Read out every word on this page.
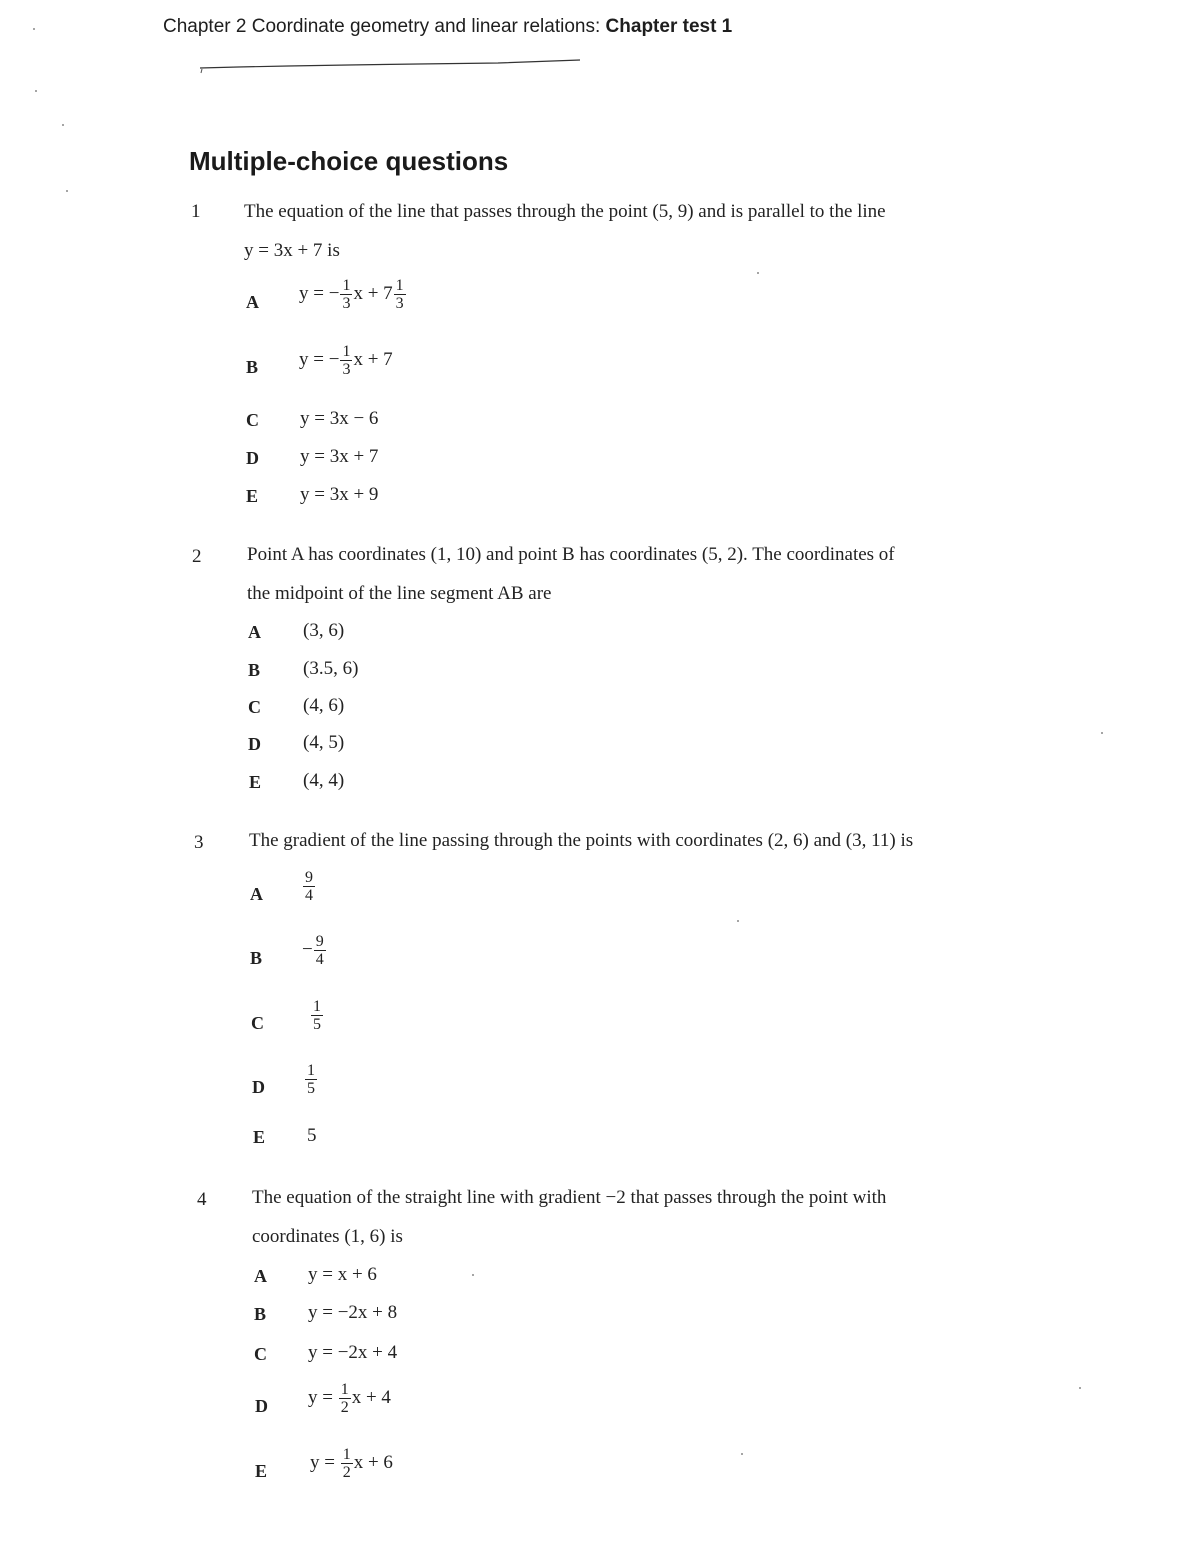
Chapter 2 Coordinate geometry and linear relations: Chapter test 1
Multiple-choice questions
1 The equation of the line that passes through the point (5, 9) and is parallel to the line
y = 3x + 7 is
A y = − $\frac{1}{3}$ $x + 7 \frac{1}{3}$
B y = − $\frac{1}{3}$ x + 7
C y = 3x − 6
D y = 3x + 7
E y = 3x + 9
2 Point A has coordinates (1, 10) and point B has coordinates (5, 2). The coordinates of
the midpoint of the line segment AB are
A (3, 6)
B (3.5, 6)
C (4, 6)
D (4, 5)
E (4, 4)
3 The gradient of the line passing through the points with coordinates (2, 6) and (3, 11) is
A	$\frac{9}{4}$
$B - \frac{9}{4}$
C	$\frac{1}{5}$
D	$\frac{1}{5}$
E 5
4 The equation of the straight line with gradient −2 that passes through the point with
coordinates (1, 6) is
A y = x + 6
B y = −2x + 8
C y = −2x + 4
D $y = \frac{1}{2}$ x + 4
E $y = \frac{1}{2}$ x + 6
